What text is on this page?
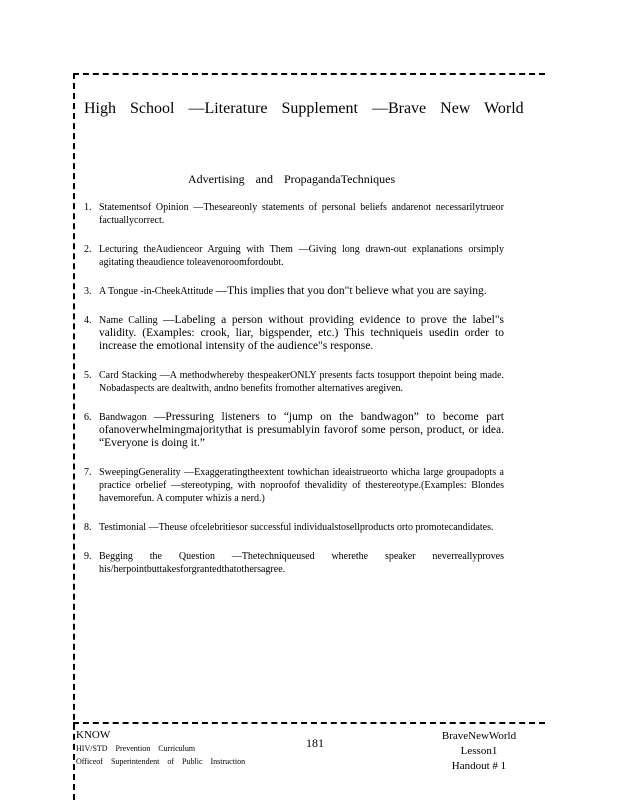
High School —Literature Supplement —Brave New World
Advertising and PropagandaTechniques
1. Statementsof Opinion —Theseareonly statements of personal beliefs andarenot necessarilytrueor factuallycorrect.
2. Lecturing theAudienceor Arguing with Them —Giving long drawn-out explanations orsimply agitating theaudience toleavenoroomfordoubt.
3. A Tongue -in-CheekAttitude —This implies that you don"t believe what you are saying.
4. Name Calling —Labeling a person without providing evidence to prove the label"s validity. (Examples: crook, liar, bigspender, etc.) This techniqueis usedin order to increase the emotional intensity of the audience"s response.
5. Card Stacking —A methodwhereby thespeakerONLY presents facts tosupport thepoint being made. Nobadaspects are dealtwith, andno benefits fromother alternatives aregiven.
6. Bandwagon —Pressuring listeners to “jump on the bandwagon” to become part ofanoverwhelmingmajoritythat is presumablyin favorof some person, product, or idea. “Everyone is doing it.”
7. SweepingGenerality —Exaggeratingtheextent towhichan ideaistrueorto whicha large groupadopts a practice orbelief —stereotyping, with noproofof thevalidity of thestereotype.(Examples: Blondes havemorefun. A computer whizis a nerd.)
8. Testimonial —Theuse ofcelebritiesor successful individualstosellproducts orto promotecandidates.
9. Begging the Question —Thetechniqueused wherethe speaker neverreallyproves his/herpointbuttakesforgrantedthatothersagree.
KNOW
HIV/STD Prevention Curriculum
Officeof Superintendent of Public Instruction
181	BraveNewWorld
Lesson1
Handout # 1
